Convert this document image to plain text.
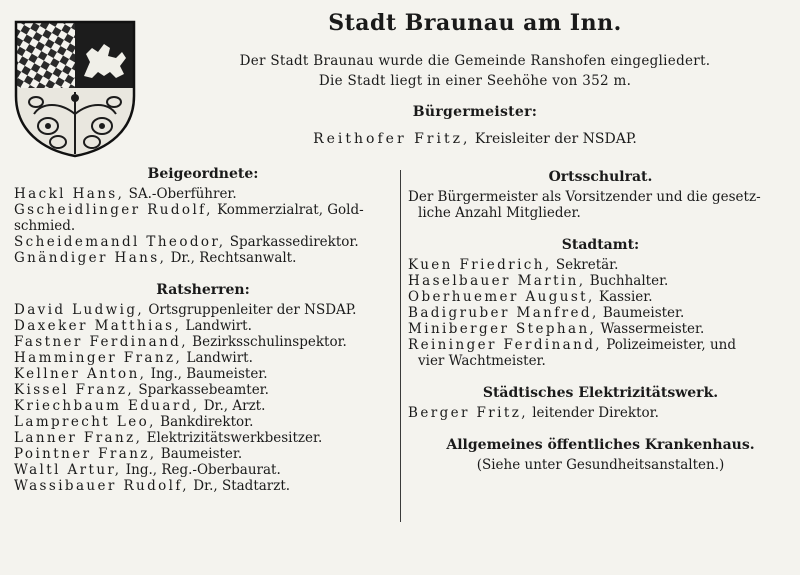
Stadt Braunau am Inn.
Der Stadt Braunau wurde die Gemeinde Ranshofen eingegliedert.
Die Stadt liegt in einer Seehöhe von 352 m.
Bürgermeister:
Reithofer Fritz, Kreisleiter der NSDAP.
Beigeordnete:
Hackl Hans, SA.-Oberführer.
Gscheidlinger Rudolf, Kommerzialrat, Gold-
schmied.
Scheidemandl Theodor, Sparkassedirektor.
Gnändiger Hans, Dr., Rechtsanwalt.
Ratsherren:
David Ludwig, Ortsgruppenleiter der NSDAP.
Daxeker Matthias, Landwirt.
Fastner Ferdinand, Bezirksschulinspektor.
Hamminger Franz, Landwirt.
Kellner Anton, Ing., Baumeister.
Kissel Franz, Sparkassebeamter.
Kriechbaum Eduard, Dr., Arzt.
Lamprecht Leo, Bankdirektor.
Lanner Franz, Elektrizitätswerkbesitzer.
Pointner Franz, Baumeister.
Waltl Artur, Ing., Reg.-Oberbaurat.
Wassibauer Rudolf, Dr., Stadtarzt.
Ortsschulrat.
Der Bürgermeister als Vorsitzender und die gesetz-
liche Anzahl Mitglieder.
Stadtamt:
Kuen Friedrich, Sekretär.
Haselbauer Martin, Buchhalter.
Oberhuemer August, Kassier.
Badigruber Manfred, Baumeister.
Miniberger Stephan, Wassermeister.
Reininger Ferdinand, Polizeimeister, und
vier Wachtmeister.
Städtisches Elektrizitätswerk.
Berger Fritz, leitender Direktor.
Allgemeines öffentliches Krankenhaus.
(Siehe unter Gesundheitsanstalten.)
